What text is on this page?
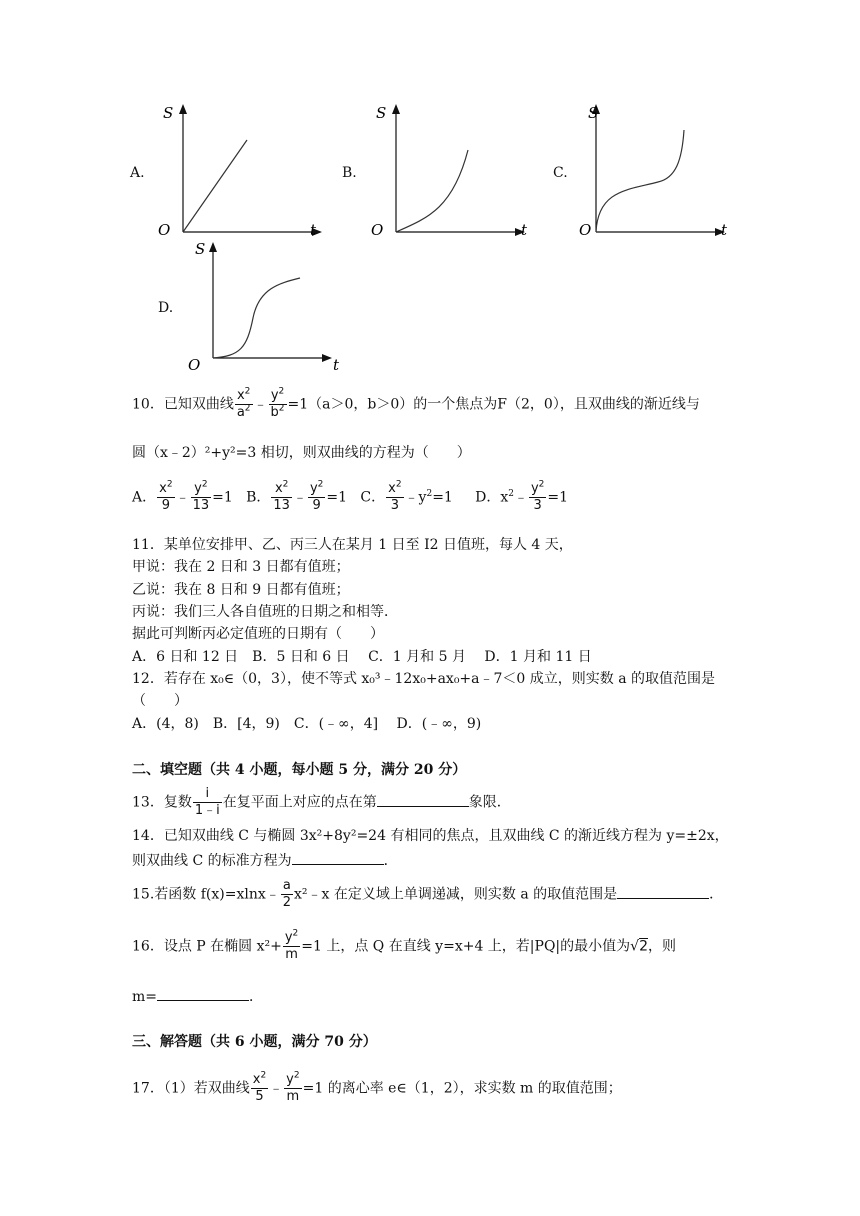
A.
S
O	t
B.
S
O	t
C.
S
O	t
D.
S
O	t
10．已知双曲线 $\frac{x^2}{a^2}$ ﹣ $\frac{y^2}{b^2} =1(a>0$，b＞0）的一个焦点为F（2，0），且双曲线的渐近线与
圆（x﹣2）²+y²=3 相切，则双曲线的方程为（　　）
A． $\frac{x^2}{9}$ ﹣ $\frac{y^2}{13} =1$   B． $\frac{x^2}{13}$ ﹣ $\frac{y^2}{9} =1$   C． $\frac{x^2}{3}$ $﹣y^2=1$     D．$x^2﹣ \frac{y^2}{3} =1$
11．某单位安排甲、乙、丙三人在某月 1 日至 I2 日值班，每人 4 天，
甲说：我在 2 日和 3 日都有值班；
乙说：我在 8 日和 9 日都有值班；
丙说：我们三人各自值班的日期之和相等．
据此可判断丙必定值班的日期有（　　）
A．6 日和 12 日　B．5 日和 6 日　 C．1 月和 5 月　 D．1 月和 11 日
12．若存在 x₀∈（0，3），使不等式 x₀³﹣12x₀+ax₀+a﹣7＜0 成立，则实数 a 的取值范围是
（　　）
A．(4，8)　B．[4，9)　C．(﹣∞，4]　 D．(﹣∞，9)
二、填空题（共 4 小题，每小题 5 分，满分 20 分）
13．复数 $\frac{i}{1﹣i}$ 在复平面上对应的点在第	象限．
14．已知双曲线 C 与椭圆 3x²+8y²=24 有相同的焦点，且双曲线 C 的渐近线方程为 y=±2x，
则双曲线 C 的标准方程为	．
15.若函数 f(x)=xlnx﹣ $\frac{a}{2}$ x²﹣x 在定义域上单调递减，则实数 a 的取值范围是	．
16．设点 P 在椭圆 $x^2+ \frac{y^2}{m} =1$ 上，点 Q 在直线 y=x+4 上，若|PQ|的最小值为√2，则
m=	．
三、解答题（共 6 小题，满分 70 分）
17．（1）若双曲线 $\frac{x^2}{5}$ ﹣ $\frac{y^2}{m} =1$ 的离心率 e∈（1，2），求实数 m 的取值范围；
